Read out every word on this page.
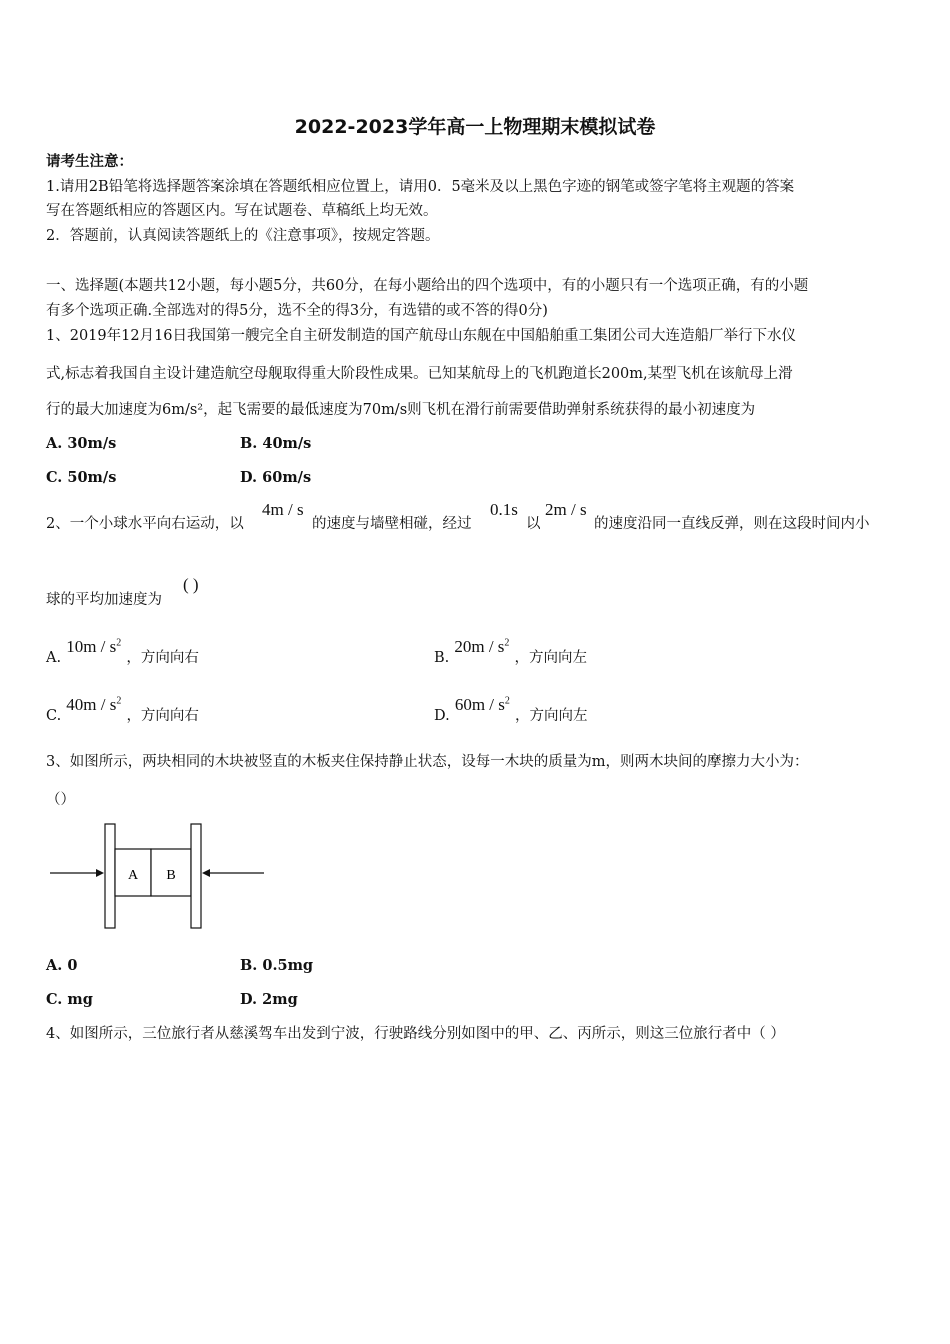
2022-2023学年高一上物理期末模拟试卷
请考生注意：
1.请用2B铅笔将选择题答案涂填在答题纸相应位置上，请用0．5毫米及以上黑色字迹的钢笔或签字笔将主观题的答案
写在答题纸相应的答题区内。写在试题卷、草稿纸上均无效。
2．答题前，认真阅读答题纸上的《注意事项》，按规定答题。
一、选择题(本题共12小题，每小题5分，共60分，在每小题给出的四个选项中，有的小题只有一个选项正确，有的小题
有多个选项正确.全部选对的得5分，选不全的得3分，有选错的或不答的得0分)
1、2019年12月16日我国第一艘完全自主研发制造的国产航母山东舰在中国船舶重工集团公司大连造船厂举行下水仪
式,标志着我国自主设计建造航空母舰取得重大阶段性成果。已知某航母上的飞机跑道长200m,某型飞机在该航母上滑
行的最大加速度为6m/s²，起飞需要的最低速度为70m/s则飞机在滑行前需要借助弹射系统获得的最小初速度为
A. 30m/s	B. 40m/s
C. 50m/s	D. 60m/s
2、一个小球水平向右运动，以
4m / s
的速度与墙壁相碰，经过
0.1s
以
2m / s
的速度沿同一直线反弹，则在这段时间内小
球的平均加速度为
( )
A. $10m / s^2$ ，方向向右	B. $20m / s^2$ ，方向向左
C. $40m / s^2$ ，方向向右	D. $60m / s^2$ ，方向向左
3、如图所示，两块相同的木块被竖直的木板夹住保持静止状态，设每一木块的质量为m，则两木块间的摩擦力大小为：
（）
A B
A. 0	B. 0.5mg
C. mg	D. 2mg
4、如图所示，三位旅行者从慈溪驾车出发到宁波，行驶路线分别如图中的甲、乙、丙所示，则这三位旅行者中（ ）
